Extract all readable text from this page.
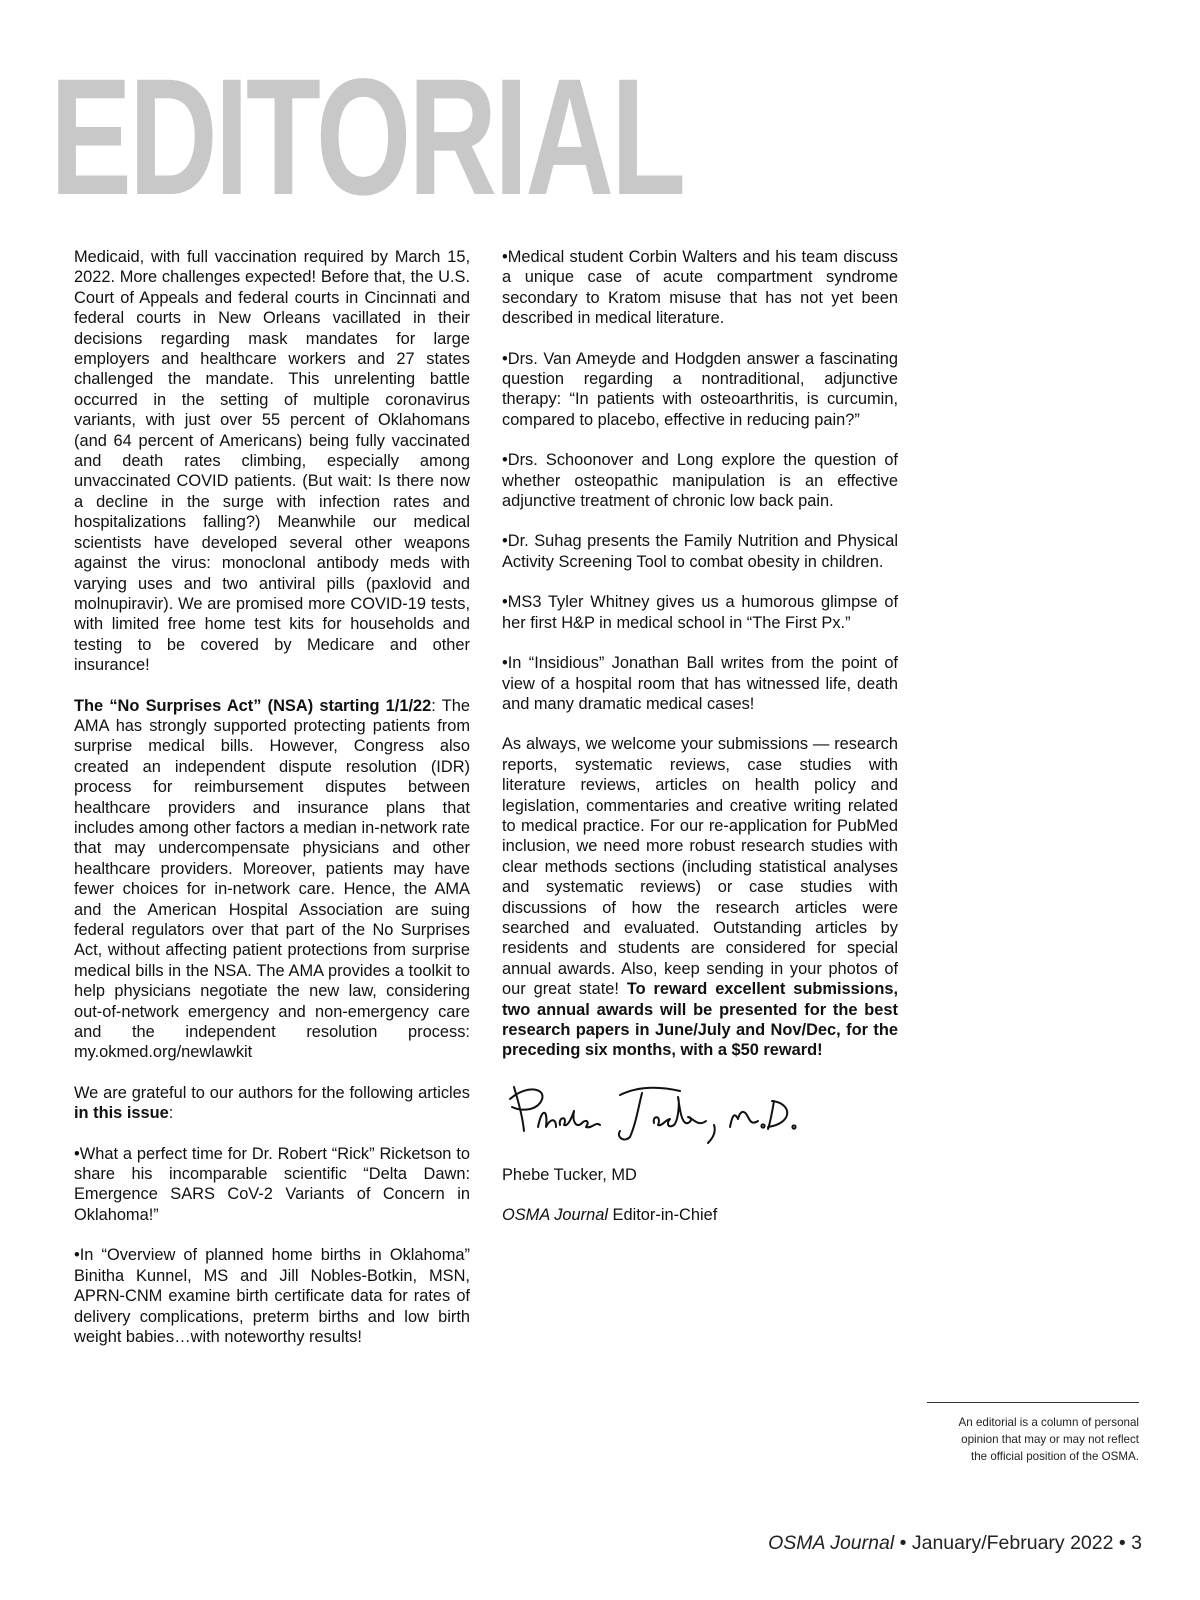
EDITORIAL

Medicaid, with full vaccination required by March 15, 2022. More challenges expected! Before that, the U.S. Court of Appeals and federal courts in Cincinnati and federal courts in New Orleans vacillated in their decisions regarding mask mandates for large employers and healthcare workers and 27 states challenged the mandate. This unrelenting battle occurred in the setting of multiple coronavirus variants, with just over 55 percent of Oklahomans (and 64 percent of Americans) being fully vaccinated and death rates climbing, especially among unvaccinated COVID patients. (But wait: Is there now a decline in the surge with infection rates and hospitalizations falling?) Meanwhile our medical scientists have developed several other weapons against the virus: monoclonal antibody meds with varying uses and two antiviral pills (paxlovid and molnupiravir). We are promised more COVID-19 tests, with limited free home test kits for households and testing to be covered by Medicare and other insurance!

The “No Surprises Act” (NSA) starting 1/1/22: The AMA has strongly supported protecting patients from surprise medical bills. However, Congress also created an independent dispute resolution (IDR) process for reimbursement disputes between healthcare providers and insurance plans that includes among other factors a median in-network rate that may undercompensate physicians and other healthcare providers. Moreover, patients may have fewer choices for in-network care. Hence, the AMA and the American Hospital Association are suing federal regulators over that part of the No Surprises Act, without affecting patient protections from surprise medical bills in the NSA. The AMA provides a toolkit to help physicians negotiate the new law, considering out-of-network emergency and non-emergency care and the independent resolution process: my.okmed.org/newlawkit

We are grateful to our authors for the following articles in this issue:

•What a perfect time for Dr. Robert “Rick” Ricketson to share his incomparable scientific “Delta Dawn: Emergence SARS CoV-2 Variants of Concern in Oklahoma!”

•In “Overview of planned home births in Oklahoma” Binitha Kunnel, MS and Jill Nobles-Botkin, MSN, APRN-CNM examine birth certificate data for rates of delivery complications, preterm births and low birth weight babies…with noteworthy results!

•Medical student Corbin Walters and his team discuss a unique case of acute compartment syndrome secondary to Kratom misuse that has not yet been described in medical literature.

•Drs. Van Ameyde and Hodgden answer a fascinating question regarding a nontraditional, adjunctive therapy: “In patients with osteoarthritis, is curcumin, compared to placebo, effective in reducing pain?”

•Drs. Schoonover and Long explore the question of whether osteopathic manipulation is an effective adjunctive treatment of chronic low back pain.

•Dr. Suhag presents the Family Nutrition and Physical Activity Screening Tool to combat obesity in children.

•MS3 Tyler Whitney gives us a humorous glimpse of her first H&P in medical school in “The First Px.”

•In “Insidious” Jonathan Ball writes from the point of view of a hospital room that has witnessed life, death and many dramatic medical cases!

As always, we welcome your submissions — research reports, systematic reviews, case studies with literature reviews, articles on health policy and legislation, commentaries and creative writing related to medical practice. For our re-application for PubMed inclusion, we need more robust research studies with clear methods sections (including statistical analyses and systematic reviews) or case studies with discussions of how the research articles were searched and evaluated. Outstanding articles by residents and students are considered for special annual awards. Also, keep sending in your photos of our great state! To reward excellent submissions, two annual awards will be presented for the best research papers in June/July and Nov/Dec, for the preceding six months, with a $50 reward!

Phebe Tucker, MD

OSMA Journal Editor-in-Chief

An editorial is a column of personal
opinion that may or may not reflect
the official position of the OSMA.
OSMA Journal • January/February 2022 • 3
